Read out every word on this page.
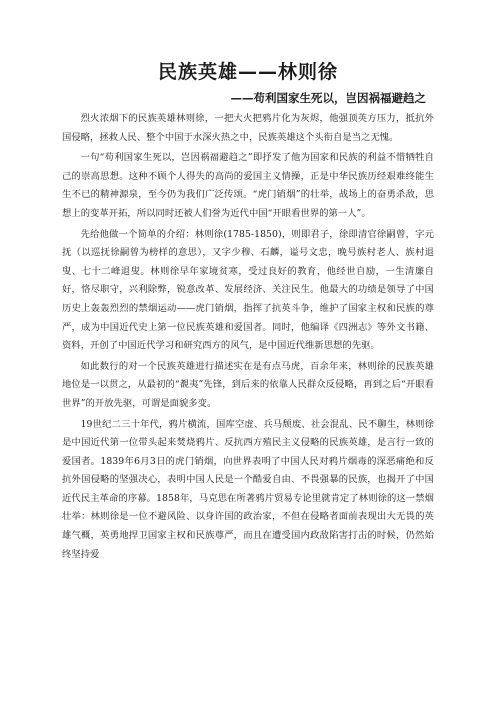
民族英雄——林则徐
——苟利国家生死以，岂因祸福避趋之

烈火浓烟下的民族英雄林则徐，一把大火把鸦片化为灰烬，他强顶英方压力，抵抗外国侵略，拯救人民、整个中国于水深火热之中，民族英雄这个头衔自是当之无愧。

一句“苟利国家生死以，岂因祸福避趋之”即抒发了他为国家和民族的利益不惜牺牲自己的崇高思想。这种不顾个人得失的高尚的爱国主义情操，正是中华民族历经艰难终能生生不已的精神源泉，至今仍为我们广泛传颂。“虎门销烟”的壮举，战场上的奋勇杀敌，思想上的变革开拓，所以同时还被人们誉为近代中国“开眼看世界的第一人”。

先给他做一个简单的介绍：林则徐(1785-1850)，则即君子，徐即清官徐嗣曾，字元抚（以巡抚徐嗣曾为榜样的意思），又字少穆、石麟，谥号文忠，晚号族村老人、族村退叟、七十二峰退叟。林则徐早年家境贫寒，受过良好的教育，他经世自励，一生清廉自好，恪尽职守，兴利除弊，锐意改革、发展经济、关注民生。他最大的功绩是领导了中国历史上轰轰烈烈的禁烟运动——虎门销烟，指挥了抗英斗争，维护了国家主权和民族的尊严，成为中国近代史上第一位民族英雄和爱国者。同时，他编译《四洲志》等外文书籍、资料，开创了中国近代学习和研究西方的风气，是中国近代维新思想的先驱。

如此数行的对一个民族英雄进行描述实在是有点马虎，百余年来，林则徐的民族英雄地位是一以贯之，从最初的“覩夷”先锋，到后来的依靠人民群众反侵略，再到之后“开眼看世界”的开放先驱，可谓是面貌多变。

19世纪二三十年代，鸦片横流，国库空虚、兵马颓废、社会混乱、民不聊生，林则徐是中国近代第一位带头起来焚烧鸦片、反抗西方殖民主义侵略的民族英雄，是言行一致的爱国者。1839年6月3日的虎门销烟，向世界表明了中国人民对鸦片烟毒的深恶痛绝和反抗外国侵略的坚强决心，表明中国人民是一个酷爱自由、不畏强暴的民族，也揭开了中国近代民主革命的序幕。1858年，马克思在所著鸦片贸易专论里就肯定了林则徐的这一禁烟壮举：林则徐是一位不避风险、以身许国的政治家，不但在侵略者面前表现出大无畏的英雄气概，英勇地捍卫国家主权和民族尊严，而且在遭受国内政敌陷害打击的时候，仍然始终坚持爱
